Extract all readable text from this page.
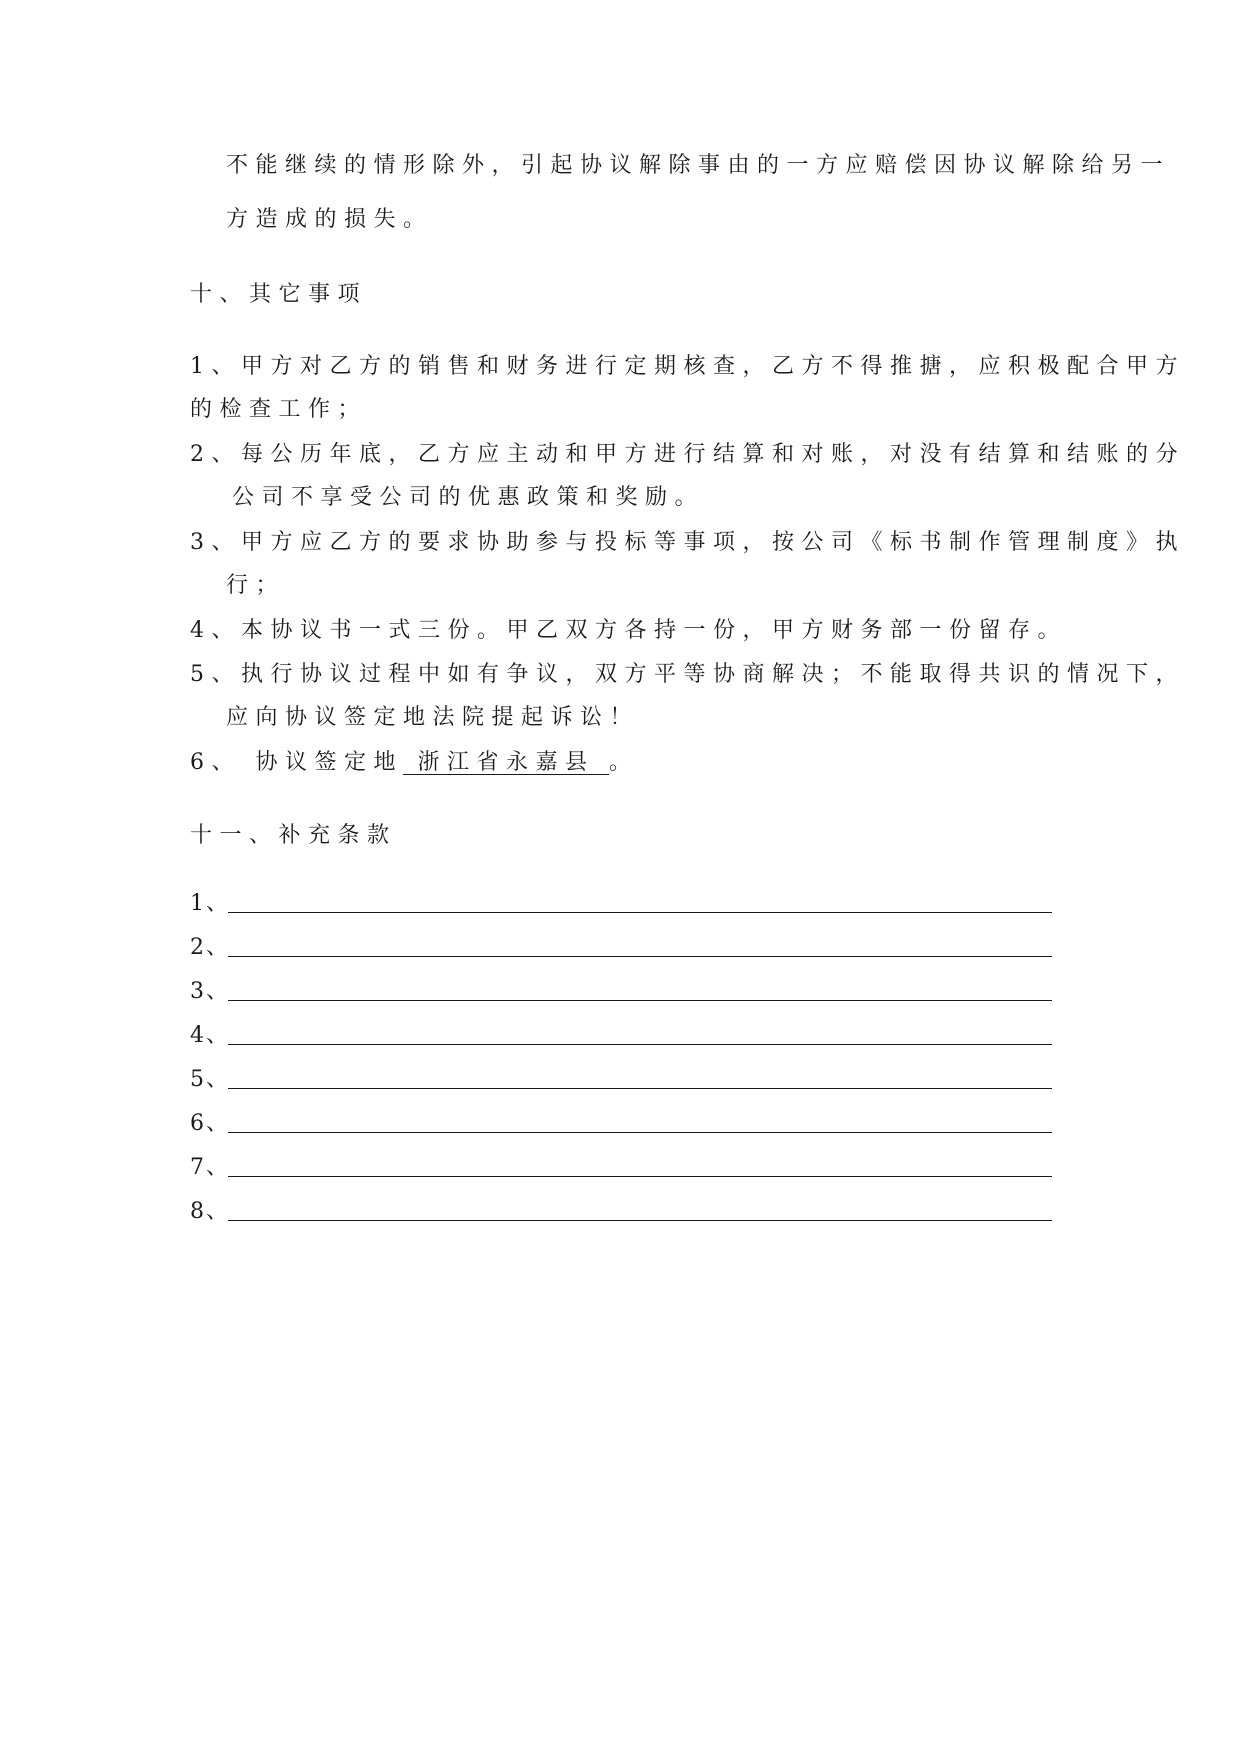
不能继续的情形除外，引起协议解除事由的一方应赔偿因协议解除给另一
方造成的损失。
十、其它事项
1、甲方对乙方的销售和财务进行定期核查，乙方不得推搪，应积极配合甲方
的检查工作；
2、每公历年底，乙方应主动和甲方进行结算和对账，对没有结算和结账的分
公司不享受公司的优惠政策和奖励。
3、甲方应乙方的要求协助参与投标等事项，按公司《标书制作管理制度》执
行；
4、本协议书一式三份。甲乙双方各持一份，甲方财务部一份留存。
5、执行协议过程中如有争议，双方平等协商解决；不能取得共识的情况下，
应向协议签定地法院提起诉讼！
6、 协议签定地 浙江省永嘉县 。
十一、补充条款
1、
2、
3、
4、
5、
6、
7、
8、
